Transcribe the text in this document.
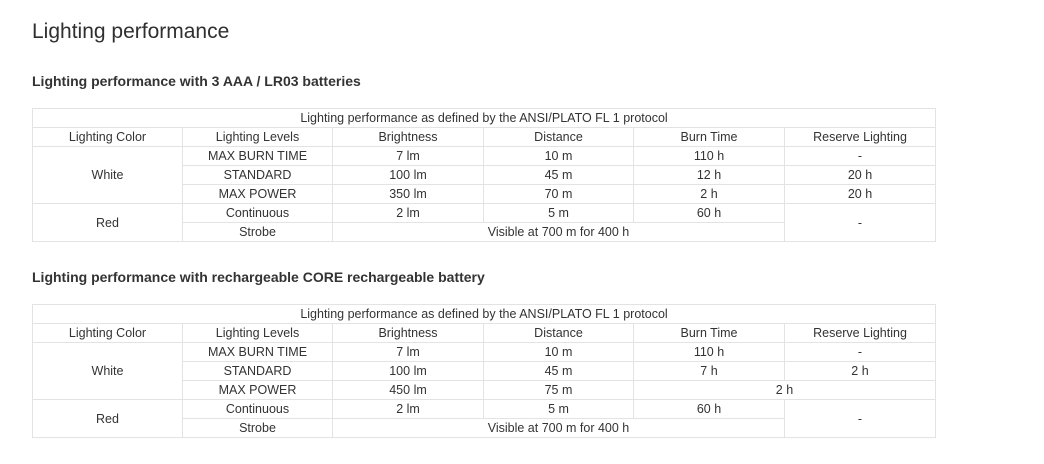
Lighting performance
Lighting performance with 3 AAA / LR03 batteries
Lighting performance as defined by the ANSI/PLATO FL 1 protocol					
Lighting Color	Lighting Levels	Brightness	Distance	Burn Time	Reserve Lighting
White	MAX BURN TIME	7 lm	10 m	110 h	-
	STANDARD	100 lm	45 m	12 h	20 h
	MAX POWER	350 lm	70 m	2 h	20 h
Red	Continuous	2 lm	5 m	60 h	-
	Strobe	Visible at 700 m for 400 h			
Lighting performance with rechargeable CORE rechargeable battery
Lighting performance as defined by the ANSI/PLATO FL 1 protocol					
Lighting Color	Lighting Levels	Brightness	Distance	Burn Time	Reserve Lighting
White	MAX BURN TIME	7 lm	10 m	110 h	-
	STANDARD	100 lm	45 m	7 h	2 h
	MAX POWER	450 lm	75 m	2 h	
Red	Continuous	2 lm	5 m	60 h	-
	Strobe	Visible at 700 m for 400 h			
